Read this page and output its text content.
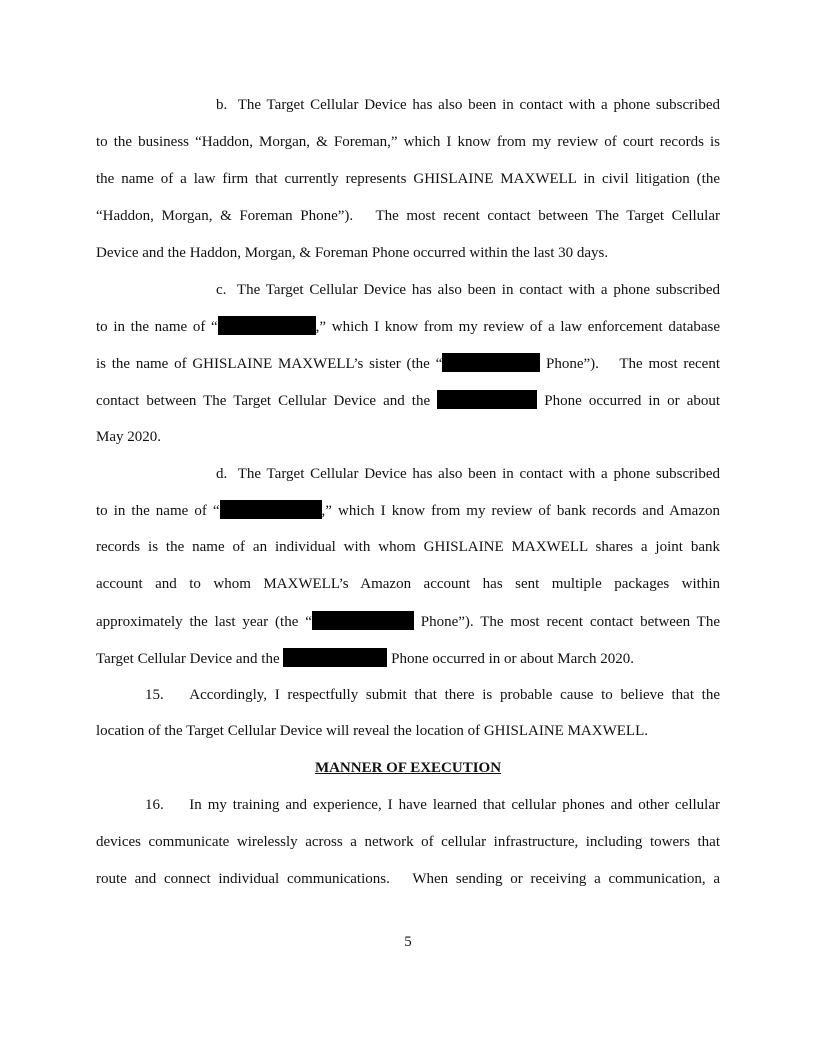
b.  The Target Cellular Device has also been in contact with a phone subscribed
to the business “Haddon, Morgan, & Foreman,” which I know from my review of court records is
the name of a law firm that currently represents GHISLAINE MAXWELL in civil litigation (the
“Haddon, Morgan, & Foreman Phone”).  The most recent contact between The Target Cellular
Device and the Haddon, Morgan, & Foreman Phone occurred within the last 30 days.
c.  The Target Cellular Device has also been in contact with a phone subscribed
to in the name of “	,” which I know from my review of a law enforcement database
is the name of GHISLAINE MAXWELL’s sister (the “	Phone”).  The most recent
contact between The Target Cellular Device and the	Phone occurred in or about
May 2020.
d.  The Target Cellular Device has also been in contact with a phone subscribed
to in the name of “	,” which I know from my review of bank records and Amazon
records is the name of an individual with whom GHISLAINE MAXWELL shares a joint bank
account and to whom MAXWELL’s Amazon account has sent multiple packages within
approximately the last year (the “	Phone”). The most recent contact between The
Target Cellular Device and the	Phone occurred in or about March 2020.
15.    Accordingly, I respectfully submit that there is probable cause to believe that the
location of the Target Cellular Device will reveal the location of GHISLAINE MAXWELL.
MANNER OF EXECUTION
16.    In my training and experience, I have learned that cellular phones and other cellular
devices communicate wirelessly across a network of cellular infrastructure, including towers that
route and connect individual communications.  When sending or receiving a communication, a
5
